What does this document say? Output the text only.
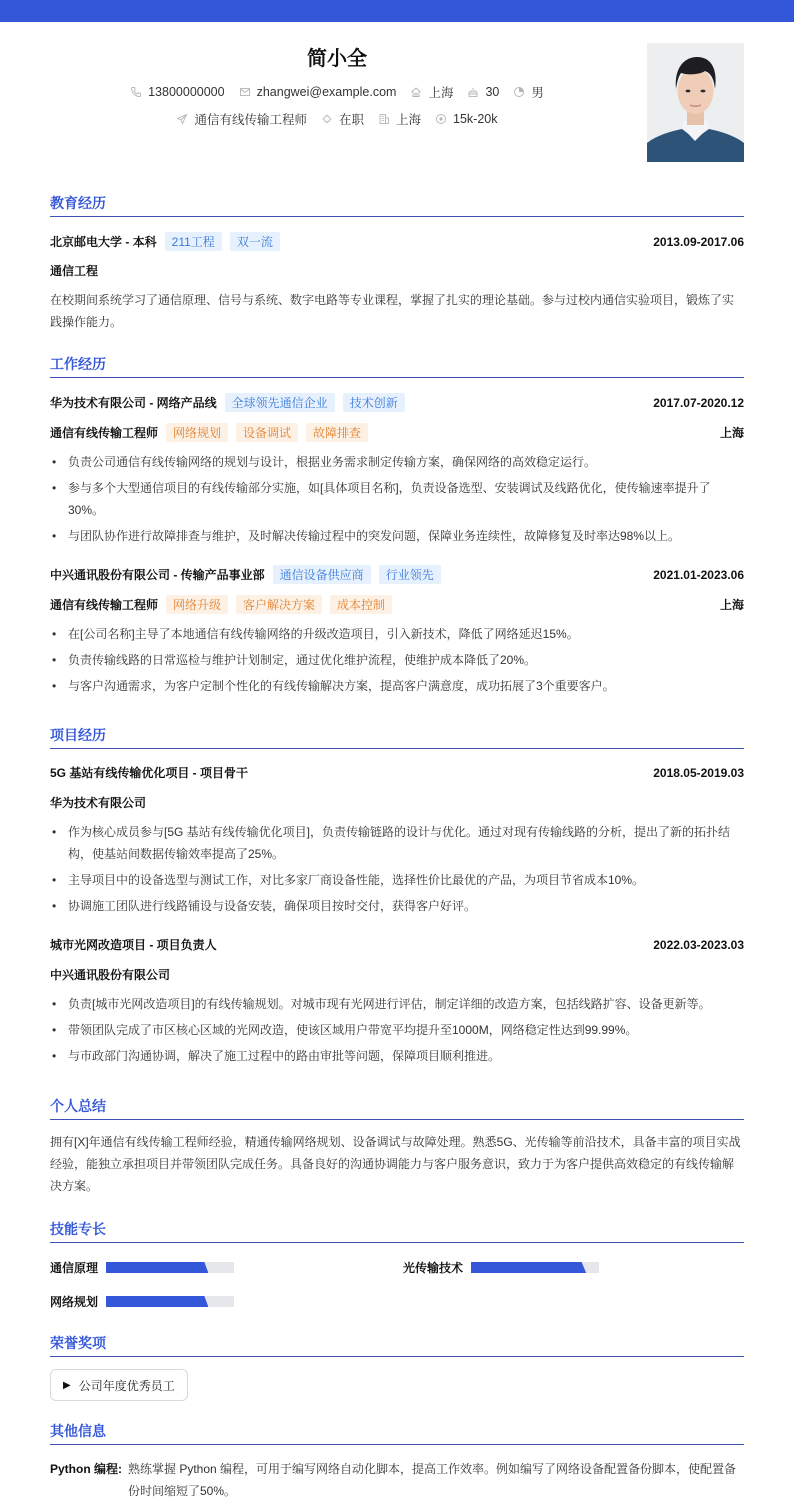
简小全
13800000000	zhangwei@example.com	上海	30	男
通信有线传输工程师	在职	上海	15k-20k
教育经历
北京邮电大学 - 本科	211工程	双一流	2013.09-2017.06
通信工程
在校期间系统学习了通信原理、信号与系统、数字电路等专业课程，掌握了扎实的理论基础。参与过校内通信实验项目，锻炼了实践操作能力。
工作经历
华为技术有限公司 - 网络产品线	全球领先通信企业	技术创新	2017.07-2020.12
通信有线传输工程师	网络规划	设备调试	故障排查	上海
• 负责公司通信有线传输网络的规划与设计，根据业务需求制定传输方案，确保网络的高效稳定运行。
• 参与多个大型通信项目的有线传输部分实施，如[具体项目名称]，负责设备选型、安装调试及线路优化，使传输速率提升了30%。
• 与团队协作进行故障排查与维护，及时解决传输过程中的突发问题，保障业务连续性，故障修复及时率达98%以上。
中兴通讯股份有限公司 - 传输产品事业部	通信设备供应商	行业领先	2021.01-2023.06
通信有线传输工程师	网络升级	客户解决方案	成本控制	上海
• 在[公司名称]主导了本地通信有线传输网络的升级改造项目，引入新技术，降低了网络延迟15%。
• 负责传输线路的日常巡检与维护计划制定，通过优化维护流程，使维护成本降低了20%。
• 与客户沟通需求，为客户定制个性化的有线传输解决方案，提高客户满意度，成功拓展了3个重要客户。
项目经历
5G 基站有线传输优化项目 - 项目骨干	2018.05-2019.03
华为技术有限公司
• 作为核心成员参与[5G 基站有线传输优化项目]，负责传输链路的设计与优化。通过对现有传输线路的分析，提出了新的拓扑结构，使基站间数据传输效率提高了25%。
• 主导项目中的设备选型与测试工作，对比多家厂商设备性能，选择性价比最优的产品，为项目节省成本10%。
• 协调施工团队进行线路铺设与设备安装，确保项目按时交付，获得客户好评。
城市光网改造项目 - 项目负责人	2022.03-2023.03
中兴通讯股份有限公司
• 负责[城市光网改造项目]的有线传输规划。对城市现有光网进行评估，制定详细的改造方案，包括线路扩容、设备更新等。
• 带领团队完成了市区核心区域的光网改造，使该区域用户带宽平均提升至1000M，网络稳定性达到99.99%。
• 与市政部门沟通协调，解决了施工过程中的路由审批等问题，保障项目顺利推进。
个人总结
拥有[X]年通信有线传输工程师经验，精通传输网络规划、设备调试与故障处理。熟悉5G、光传输等前沿技术，具备丰富的项目实战经验，能独立承担项目并带领团队完成任务。具备良好的沟通协调能力与客户服务意识，致力于为客户提供高效稳定的有线传输解决方案。
技能专长
通信原理	光传输技术
网络规划
荣誉奖项
▶ 公司年度优秀员工
其他信息
Python 编程: 熟练掌握 Python 编程，可用于编写网络自动化脚本，提高工作效率。例如编写了网络设备配置备份脚本，使配置备份时间缩短了50%。
